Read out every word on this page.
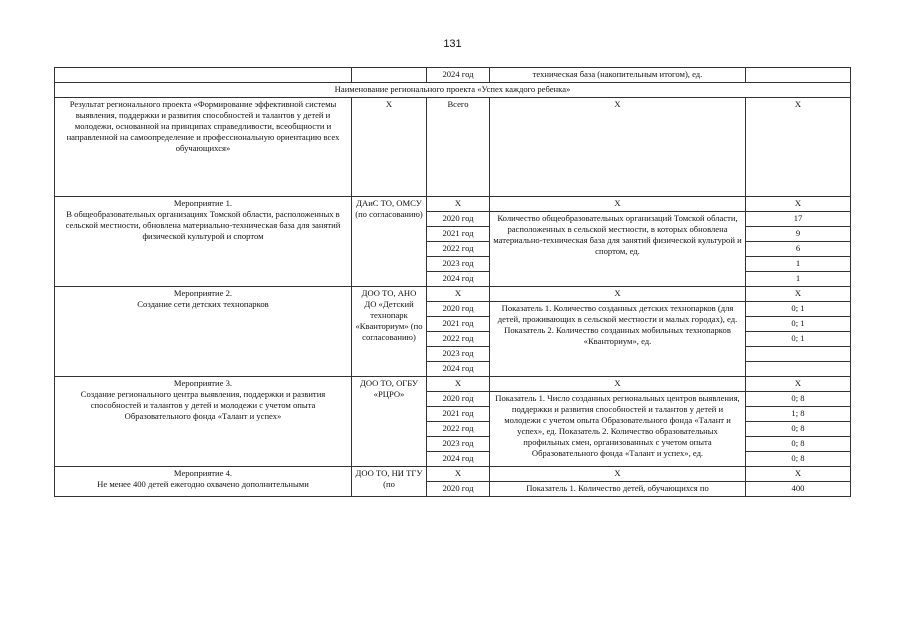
131
		2024 год	техническая база (накопительным итогом), ед.	
Наименование регионального проекта «Успех каждого ребенка»				
Результат регионального проекта «Формирование эффективной системы выявления, поддержки и развития способностей и талантов у детей и молодежи, основанной на принципах справедливости, всеобщности и направленной на самоопределение и профессиональную ориентацию всех обучающихся»	Х	Всего	Х	Х

Мероприятие 1.
В общеобразовательных организациях Томской области, расположенных в сельской местности, обновлена материально-техническая база для занятий физической культурой и спортом	ДАиС ТО, ОМСУ (по согласованию)	Х	Х	Х
		2020 год	Количество общеобразовательных организаций Томской области, расположенных в сельской местности, в которых обновлена материально-техническая база для занятий физической культурой и спортом, ед.	17
		2021 год		9
		2022 год		6
		2023 год		1
		2024 год		1

Мероприятие 2.
Создание сети детских технопарков	ДОО ТО, АНО ДО «Детский технопарк «Кванториум» (по согласованию)	Х	Х	Х
		2020 год	Показатель 1. Количество созданных детских технопарков (для детей, проживающих в сельской местности и малых городах), ед. Показатель 2. Количество созданных мобильных технопарков «Кванториум», ед.	0; 1
		2021 год		0; 1
		2022 год		0; 1
		2023 год		
		2024 год		

Мероприятие 3.
Создание регионального центра выявления, поддержки и развития способностей и талантов у детей и молодежи с учетом опыта Образовательного фонда «Талант и успех»	ДОО ТО, ОГБУ «РЦРО»	Х	Х	Х
		2020 год	Показатель 1. Число созданных региональных центров выявления, поддержки и развития способностей и талантов у детей и молодежи с учетом опыта Образовательного фонда «Талант и успех», ед. Показатель 2. Количество образовательных профильных смен, организованных с учетом опыта Образовательного фонда «Талант и успех», ед.	0; 8
		2021 год		1; 8
		2022 год		0; 8
		2023 год		0; 8
		2024 год		0; 8

Мероприятие 4.
Не менее 400 детей ежегодно охвачено дополнительными	ДОО ТО, НИ ТГУ (по	Х	Х	Х
		2020 год	Показатель 1. Количество детей, обучающихся по	400
